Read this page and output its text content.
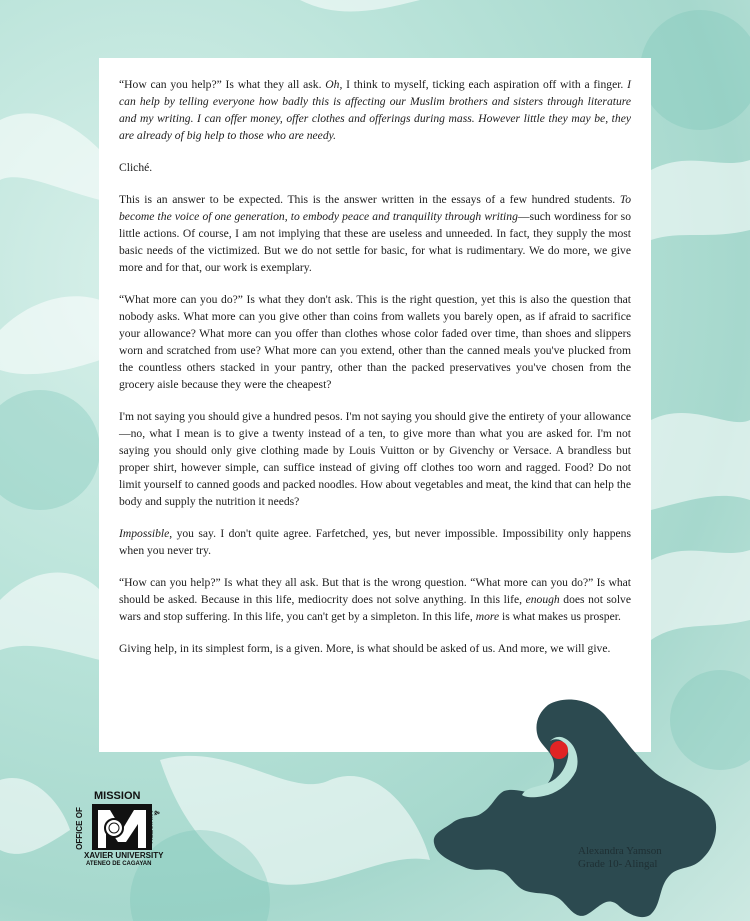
“How can you help?” Is what they all ask. Oh, I think to myself, ticking each aspiration off with a finger. I can help by telling everyone how badly this is affecting our Muslim brothers and sisters through literature and my writing. I can offer money, offer clothes and offerings during mass. However little they may be, they are already of big help to those who are needy.

Cliché.

This is an answer to be expected. This is the answer written in the essays of a few hundred students. To become the voice of one generation, to embody peace and tranquility through writing—such wordiness for so little actions. Of course, I am not implying that these are useless and unneeded. In fact, they supply the most basic needs of the victimized. But we do not settle for basic, for what is rudimentary. We do more, we give more and for that, our work is exemplary.

“What more can you do?” Is what they don't ask. This is the right question, yet this is also the question that nobody asks. What more can you give other than coins from wallets you barely open, as if afraid to sacrifice your allowance? What more can you offer than clothes whose color faded over time, than shoes and slippers worn and scratched from use? What more can you extend, other than the canned meals you've plucked from the countless others stacked in your pantry, other than the packed preservatives you've chosen from the grocery aisle because they were the cheapest?

I'm not saying you should give a hundred pesos. I'm not saying you should give the entirety of your allowance—no, what I mean is to give a twenty instead of a ten, to give more than what you are asked for. I'm not saying you should only give clothing made by Louis Vuitton or by Givenchy or Versace. A brandless but proper shirt, however simple, can suffice instead of giving off clothes too worn and ragged. Food? Do not limit yourself to canned goods and packed noodles. How about vegetables and meat, the kind that can help the body and supply the nutrition it needs?

Impossible, you say. I don't quite agree. Farfetched, yes, but never impossible. Impossibility only happens when you never try.

“How can you help?” Is what they all ask. But that is the wrong question. “What more can you do?” Is what should be asked. Because in this life, mediocrity does not solve anything. In this life, enough does not solve wars and stop suffering. In this life, you can't get by a simpleton. In this life, more is what makes us prosper.

Giving help, in its simplest form, is a given. More, is what should be asked of us. And more, we will give.

OFFICE OF
MISSION
& MINISTRY
XAVIER UNIVERSITY
ATENEO DE CAGAYAN
Alexandra Yamson
Grade 10- Alingal
